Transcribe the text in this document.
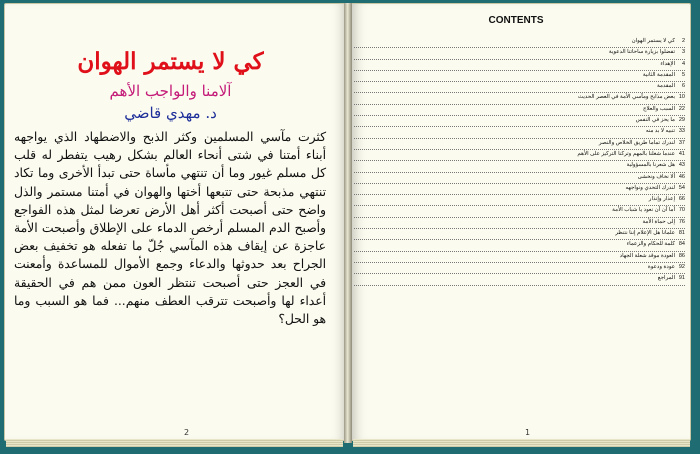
كي لا يستمر الهوان
آلامنا والواجب الأهم
د. مهدي قاضي
كثرت مآسي المسلمين وكثر الذبح والاضطهاد الذي يواجهه أبناء أمتنا في شتى أنحاء العالم بشكل رهيب يتفطر له قلب كل مسلم غيور وما أن تنتهي مأساة حتى تبدأ الأخرى وما تكاد تنتهي مذبحة حتى تتبعها أختها والهوان في أمتنا مستمر والذل واضح حتى أصبحت أكثر أهل الأرض تعرضا لمثل هذه الفواجع وأصبح الدم المسلم أرخص الدماء على الإطلاق وأصبحت الأمة عاجزة عن إيقاف هذه المآسي جُلّ ما تفعله هو تخفيف بعض الجراح بعد حدوثها والدعاء وجمع الأموال للمساعدة وأمعنت في العجز حتى أصبحت تنتظر العون ممن هم في الحقيقة أعداء لها وأصبحت تترقب العطف منهم... فما هو السبب وما هو الحل؟
2
CONTENTS
كي لا يستمر الهوان 2
تفضلوا بزيارة ساحاتنا الدعوية 3
الإهداء 4
المقدمة الثانية 5
المقدمة 6
بعض مذابح ومآسي الأمة في العصر الحديث 10
السبب والعلاج 22
ما يحز في النفس 29
تنبيه لا بد منه 33
لندرك تماما طريق الخلاص والنصر 37
عندما شغلنا بالمهم وتركنا التركيز على الأهم 41
هل شعرنا بالمسؤولية 43
ألا نخاف ونخشى 46
لندرك التحدي ونواجهه 54
إعذار وإنذار 66
أما آن أن نعود يا شباب الأمة 70
إلى حماة الأمة 76
علمانا هل الإعلام إننا نتنظر 81
كلمة للحكام والزعماء 84
العودة موقد شعلة الجهاد 86
عودة ودعوة 92
المراجع 91
1
